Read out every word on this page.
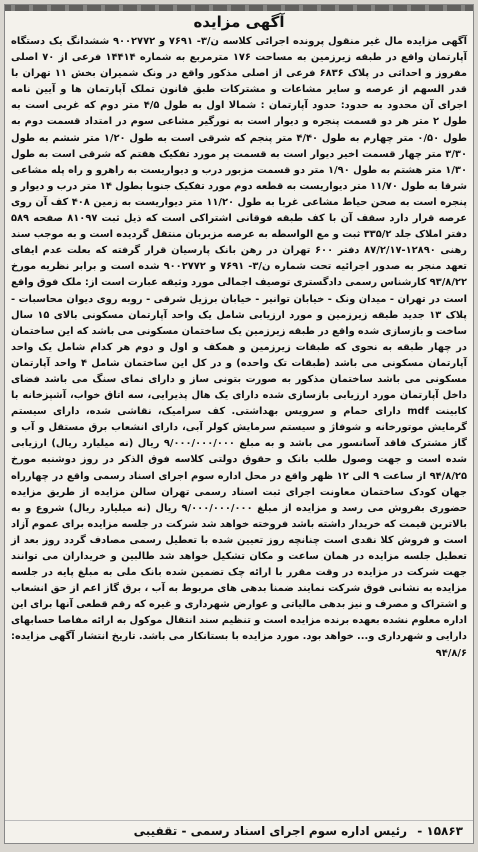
آگهی مزایده
آگهی مزایده مال غیر منقول پرونده اجرائی کلاسه ن/۳- ۷۶۹۱ و ۹۰۰۲۷۷۲ ششدانگ یک دستگاه آپارتمان واقع در طبقه زیرزمین به مساحت ۱۷۶ مترمربع به شماره ۱۴۴۱۴ فرعی از ۷۰ اصلی مفروز و احداثی در پلاک ۶۸۳۶ فرعی از اصلی مذکور واقع در ونک شمیران بخش ۱۱ تهران با قدر السهم از عرصه و سایر مشاعات و مشترکات طبق قانون تملک آپارتمان ها و آیین نامه اجرای آن محدود به حدود: حدود آپارتمان : شمالا اول به طول ۴/۵ متر دوم که غربی است به طول ۲ متر هر دو قسمت پنجره و دیوار است به نورگیر مشاعی سوم در امتداد قسمت دوم به طول ۰/۵۰ متر چهارم به طول ۴/۴۰ متر پنجم که شرقی است به طول ۱/۲۰ متر ششم به طول ۳/۳۰ متر چهار قسمت اخیر دیوار است به قسمت پر مورد تفکیک هفتم که شرقی است به طول ۱/۳۰ متر هشتم به طول ۱/۹۰ متر دو قسمت مزبور درب و دیواریست به راهرو و راه پله مشاعی شرقا به طول ۱۱/۷۰ متر دیواریست به قطعه دوم مورد تفکیک جنوبا بطول ۱۴ متر درب و دیوار و پنجره است به صحن حیاط مشاعی غربا به طول ۱۱/۲۰ متر دیواریست به زمین ۴۰۸ کف آن روی عرصه قرار دارد سقف آن با کف طبقه فوقانی اشتراکی است که ذیل ثبت ۸۱۰۹۷ صفحه ۵۸۹ دفتر املاک جلد ۳۳۵/۲ ثبت و مع الواسطه به عرصه مزبربان منتقل گردیده است و به موجب سند رهنی ۱۲۸۹۰-۸۷/۲/۱۷ دفتر ۶۰۰ تهران در رهن بانک پارسیان قرار گرفته که بعلت عدم ایفای تعهد منجر به صدور اجرائیه تحت شماره ن/۳- ۷۶۹۱ و ۹۰۰۲۷۷۲ شده است و برابر نظریه مورخ ۹۳/۸/۲۲ کارشناس رسمی دادگستری توصیف اجمالی مورد وثیقه عبارت است از: ملک فوق واقع است در تهران - میدان ونک - خیابان توانیر - خیابان برزیل شرقی - روبه روی دیوان محاسبات - پلاک ۱۳ جدید طبقه زیرزمین و مورد ارزیابی شامل یک واحد آپارتمان مسکونی بالای ۱۵ سال ساخت و بازسازی شده واقع در طبقه زیرزمین یک ساختمان مسکونی می باشد که این ساختمان در چهار طبقه به نحوی که طبقات زیرزمین و همکف و اول و دوم هر کدام شامل یک واحد آپارتمان مسکونی می باشد (طبقات تک واحده) و در کل این ساختمان شامل ۴ واحد آپارتمان مسکونی می باشد ساختمان مذکور به صورت بتونی ساز و دارای نمای سنگ می باشد فضای داخل آپارتمان مورد ارزیابی بازسازی شده دارای یک هال پذیرایی، سه اتاق خواب، آشپزخانه با کابینت mdf دارای حمام و سرویس بهداشتی. کف سرامیک، نقاشی شده، دارای سیستم گرمایش موتورخانه و شوفاژ و سیستم سرمایش کولر آبی، دارای انشعاب برق مستقل و آب و گاز مشترک فاقد آسانسور می باشد و به مبلغ ۹/۰۰۰/۰۰۰/۰۰۰ ریال (نه میلیارد ریال) ارزیابی شده است و جهت وصول طلب بانک و حقوق دولتی کلاسه فوق الذکر در روز دوشنبه مورخ ۹۴/۸/۲۵ از ساعت ۹ الی ۱۲ ظهر واقع در محل اداره سوم اجرای اسناد رسمی واقع در چهارراه جهان کودک ساختمان معاونت اجرای ثبت اسناد رسمی تهران سالن مزایده از طریق مزایده حضوری بفروش می رسد و مزایده از مبلغ ۹/۰۰۰/۰۰۰/۰۰۰ ریال (نه میلیارد ریال) شروع و به بالاترین قیمت که خریدار داشته باشد فروخته خواهد شد شرکت در جلسه مزایده برای عموم آزاد است و فروش کلا نقدی است چنانچه روز تعیین شده با تعطیل رسمی مصادف گردد روز بعد از تعطیل جلسه مزایده در همان ساعت و مکان تشکیل خواهد شد طالبین و خریداران می توانند جهت شرکت در مزایده در وقت مقرر با ارائه چک تضمین شده بانک ملی به مبلغ پایه در جلسه مزایده به نشانی فوق شرکت نمایند ضمنا بدهی های مربوط به آب ، برق گاز اعم از حق انشعاب و اشتراک و مصرف و نیز بدهی مالیاتی و عوارض شهرداری و غیره که رقم قطعی آنها برای این اداره معلوم نشده بعهده برنده مزایده است و تنظیم سند انتقال موکول به ارائه مفاصا حسابهای دارایی و شهرداری و... خواهد بود. مورد مزایده با بستانکار می باشد. تاریخ انتشار آگهی مزایده: ۹۴/۸/۶
۱۵۸۶۳ - رئیس اداره سوم اجرای اسناد رسمی - تقفیبی
